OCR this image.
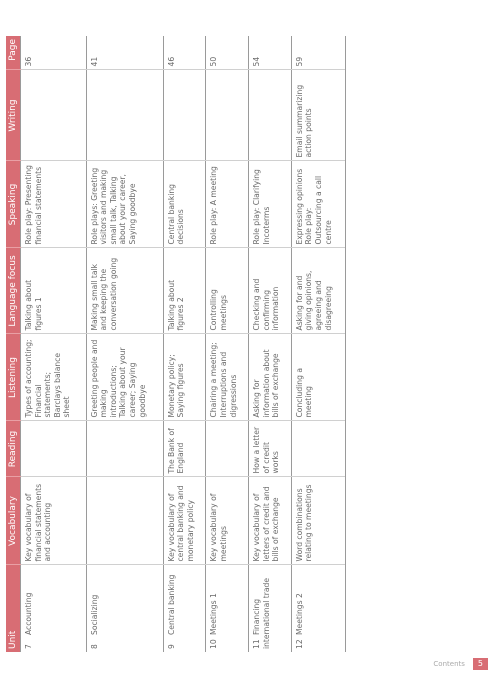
Unit	Vocabulary	Reading	Listening	Language focus	Speaking	Writing	Page
7Accounting	Key vocabulary of financial statements and accounting		Types of accounting; Financial statements; Barclays balance sheet	Talking about figures 1	Role play: Presenting financial statements		36
8Socializing			Greeting people and making introductions; Talking about your career; Saying goodbye	Making small talk and keeping the conversation going	Role plays: Greeting visitors and making small talk, Talking about your career, Saying goodbye		41
9Central banking	Key vocabulary of central banking and monetary policy	The Bank of England	Monetary policy; Saying figures	Talking about figures 2	Central banking decisions		46
10Meetings 1	Key vocabulary of meetings		Chairing a meeting; Interruptions and digressions	Controlling meetings	Role play: A meeting		50
11Financing international trade	Key vocabulary of letters of credit and bills of exchange	How a letter of credit works	Asking for information about bills of exchange	Checking and confirming information	Role play: Clarifying Incoterms		54
12Meetings 2	Word combinations relating to meetings		Concluding a meeting	Asking for and giving opinions, agreeing and disagreeing	Expressing opinions Role play: Outsourcing a call centre	Email summarizing action points	59
Contents	5
